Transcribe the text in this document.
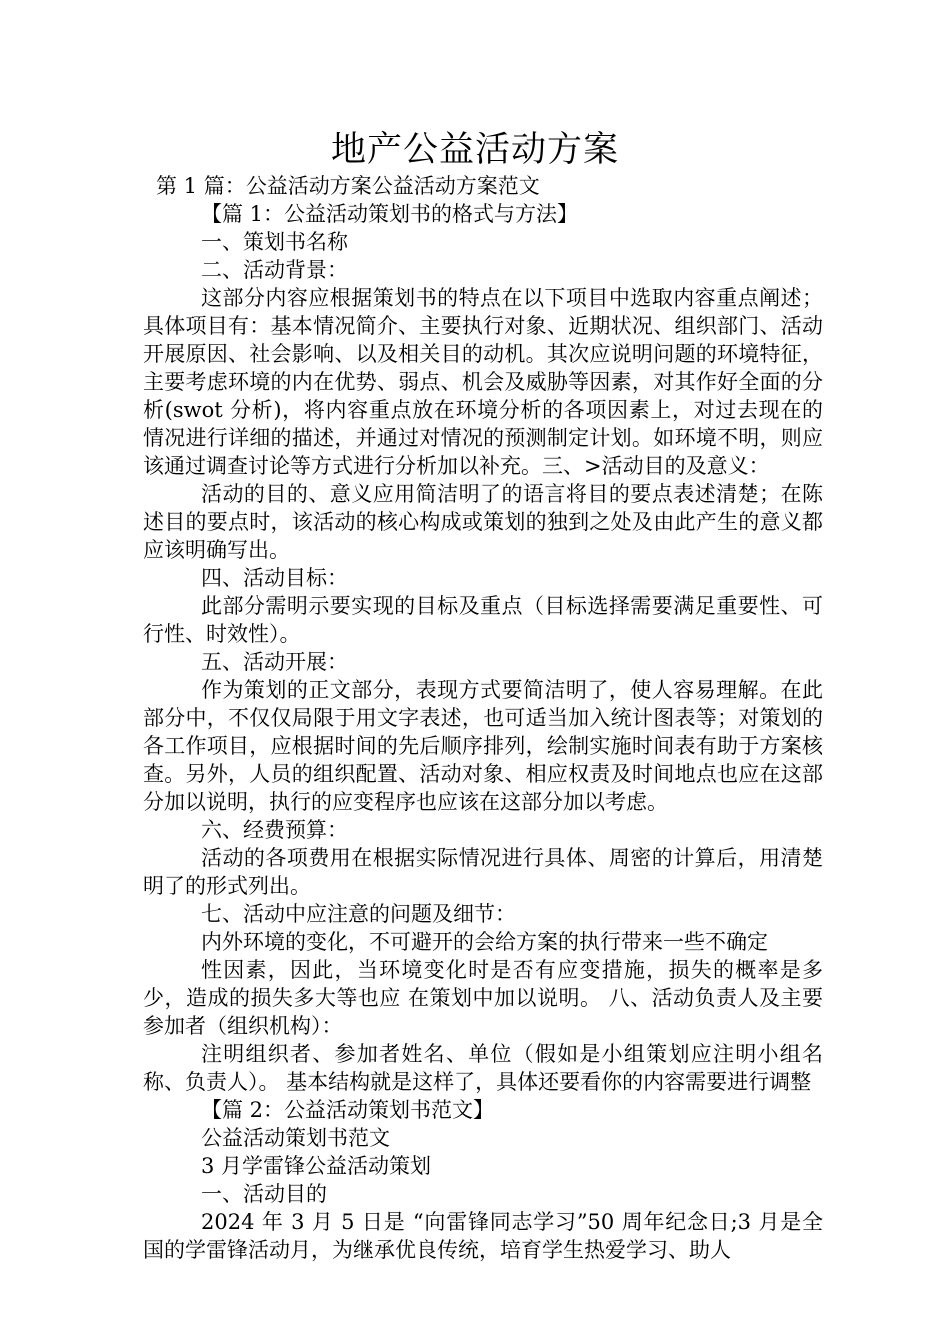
地产公益活动方案

第 1 篇：公益活动方案公益活动方案范文

【篇 1：公益活动策划书的格式与方法】

一、策划书名称

二、活动背景：

这部分内容应根据策划书的特点在以下项目中选取内容重点阐述；具体项目有：基本情况简介、主要执行对象、近期状况、组织部门、活动开展原因、社会影响、以及相关目的动机。其次应说明问题的环境特征，主要考虑环境的内在优势、弱点、机会及威胁等因素，对其作好全面的分析(swot 分析)，将内容重点放在环境分析的各项因素上，对过去现在的情况进行详细的描述，并通过对情况的预测制定计划。如环境不明，则应该通过调查讨论等方式进行分析加以补充。三、>活动目的及意义：

活动的目的、意义应用简洁明了的语言将目的要点表述清楚；在陈述目的要点时，该活动的核心构成或策划的独到之处及由此产生的意义都应该明确写出。

四、活动目标：

此部分需明示要实现的目标及重点（目标选择需要满足重要性、可行性、时效性）。

五、活动开展：

作为策划的正文部分，表现方式要简洁明了，使人容易理解。在此部分中，不仅仅局限于用文字表述，也可适当加入统计图表等；对策划的各工作项目，应根据时间的先后顺序排列，绘制实施时间表有助于方案核查。另外，人员的组织配置、活动对象、相应权责及时间地点也应在这部分加以说明，执行的应变程序也应该在这部分加以考虑。

六、经费预算：

活动的各项费用在根据实际情况进行具体、周密的计算后，用清楚明了的形式列出。

七、活动中应注意的问题及细节：

内外环境的变化，不可避开的会给方案的执行带来一些不确定

性因素，因此，当环境变化时是否有应变措施，损失的概率是多少，造成的损失多大等也应 在策划中加以说明。 八、活动负责人及主要参加者（组织机构）：

注明组织者、参加者姓名、单位（假如是小组策划应注明小组名称、负责人）。 基本结构就是这样了，具体还要看你的内容需要进行调整

【篇 2：公益活动策划书范文】

公益活动策划书范文

3 月学雷锋公益活动策划

一、活动目的

2024 年 3 月 5 日是 “向雷锋同志学习”50 周年纪念日;3 月是全国的学雷锋活动月，为继承优良传统，培育学生热爱学习、助人
